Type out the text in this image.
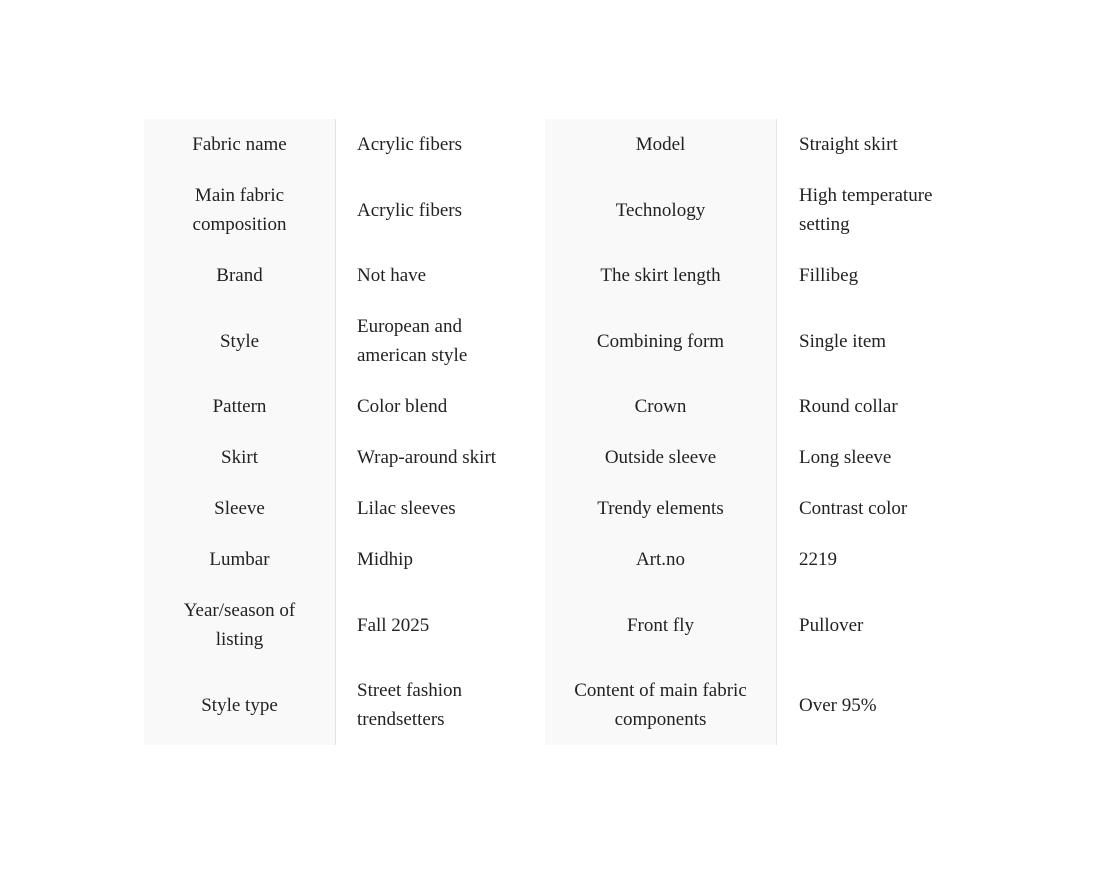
Fabric name	Acrylic fibers	Model	Straight skirt
Main fabric composition	Acrylic fibers	Technology	High temperature setting
Brand	Not have	The skirt length	Fillibeg
Style	European and american style	Combining form	Single item
Pattern	Color blend	Crown	Round collar
Skirt	Wrap-around skirt	Outside sleeve	Long sleeve
Sleeve	Lilac sleeves	Trendy elements	Contrast color
Lumbar	Midhip	Art.no	2219
Year/season of listing	Fall 2025	Front fly	Pullover
Style type	Street fashion trendsetters	Content of main fabric components	Over 95%
